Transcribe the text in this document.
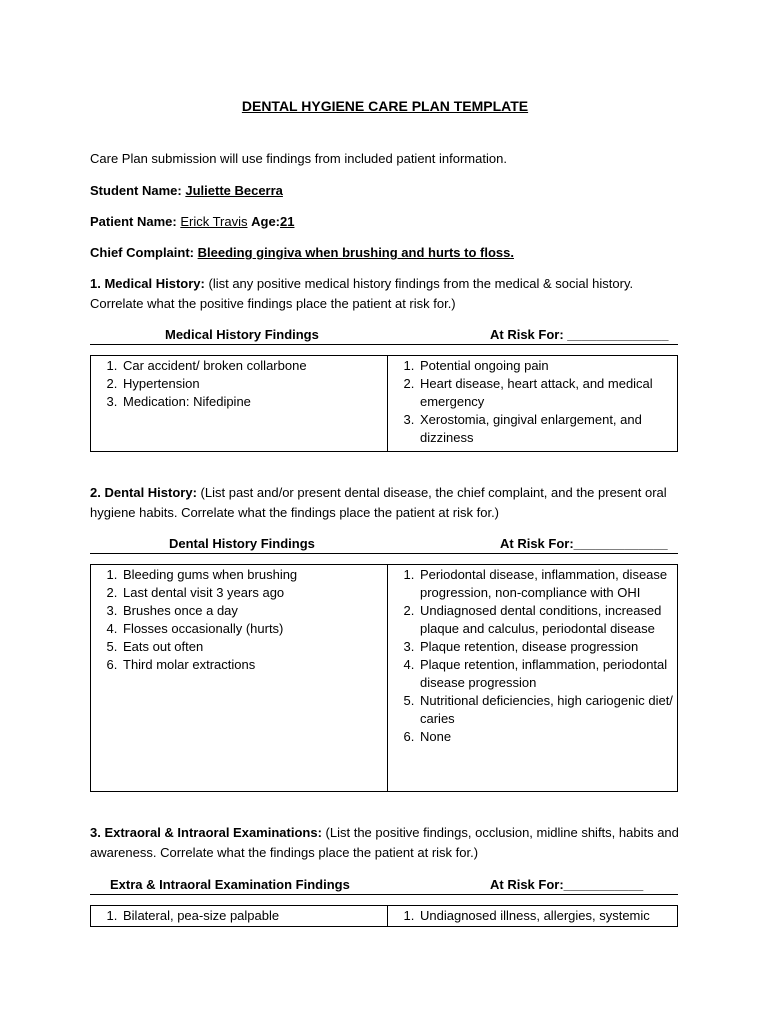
DENTAL HYGIENE CARE PLAN TEMPLATE
Care Plan submission will use findings from included patient information.
Student Name: Juliette Becerra
Patient Name: Erick Travis Age:21
Chief Complaint: Bleeding gingiva when brushing and hurts to floss.
1. Medical History: (list any positive medical history findings from the medical & social history. Correlate what the positive findings place the patient at risk for.)
Medical History Findings	At Risk For: ______________
1. Car accident/ broken collarbone
2. Hypertension
3. Medication: Nifedipine

1. Potential ongoing pain
2. Heart disease, heart attack, and medical emergency
3. Xerostomia, gingival enlargement, and dizziness
2. Dental History: (List past and/or present dental disease, the chief complaint, and the present oral hygiene habits. Correlate what the findings place the patient at risk for.)
Dental History Findings	At Risk For:_____________
1. Bleeding gums when brushing
2. Last dental visit 3 years ago
3. Brushes once a day
4. Flosses occasionally (hurts)
5. Eats out often
6. Third molar extractions

1. Periodontal disease, inflammation, disease progression, non-compliance with OHI
2. Undiagnosed dental conditions, increased plaque and calculus, periodontal disease
3. Plaque retention, disease progression
4. Plaque retention, inflammation, periodontal disease progression
5. Nutritional deficiencies, high cariogenic diet/ caries
6. None
3. Extraoral & Intraoral Examinations: (List the positive findings, occlusion, midline shifts, habits and awareness. Correlate what the findings place the patient at risk for.)
Extra & Intraoral Examination Findings	At Risk For:___________
1. Bilateral, pea-size palpable

1.Undiagnosed illness, allergies, systemic
